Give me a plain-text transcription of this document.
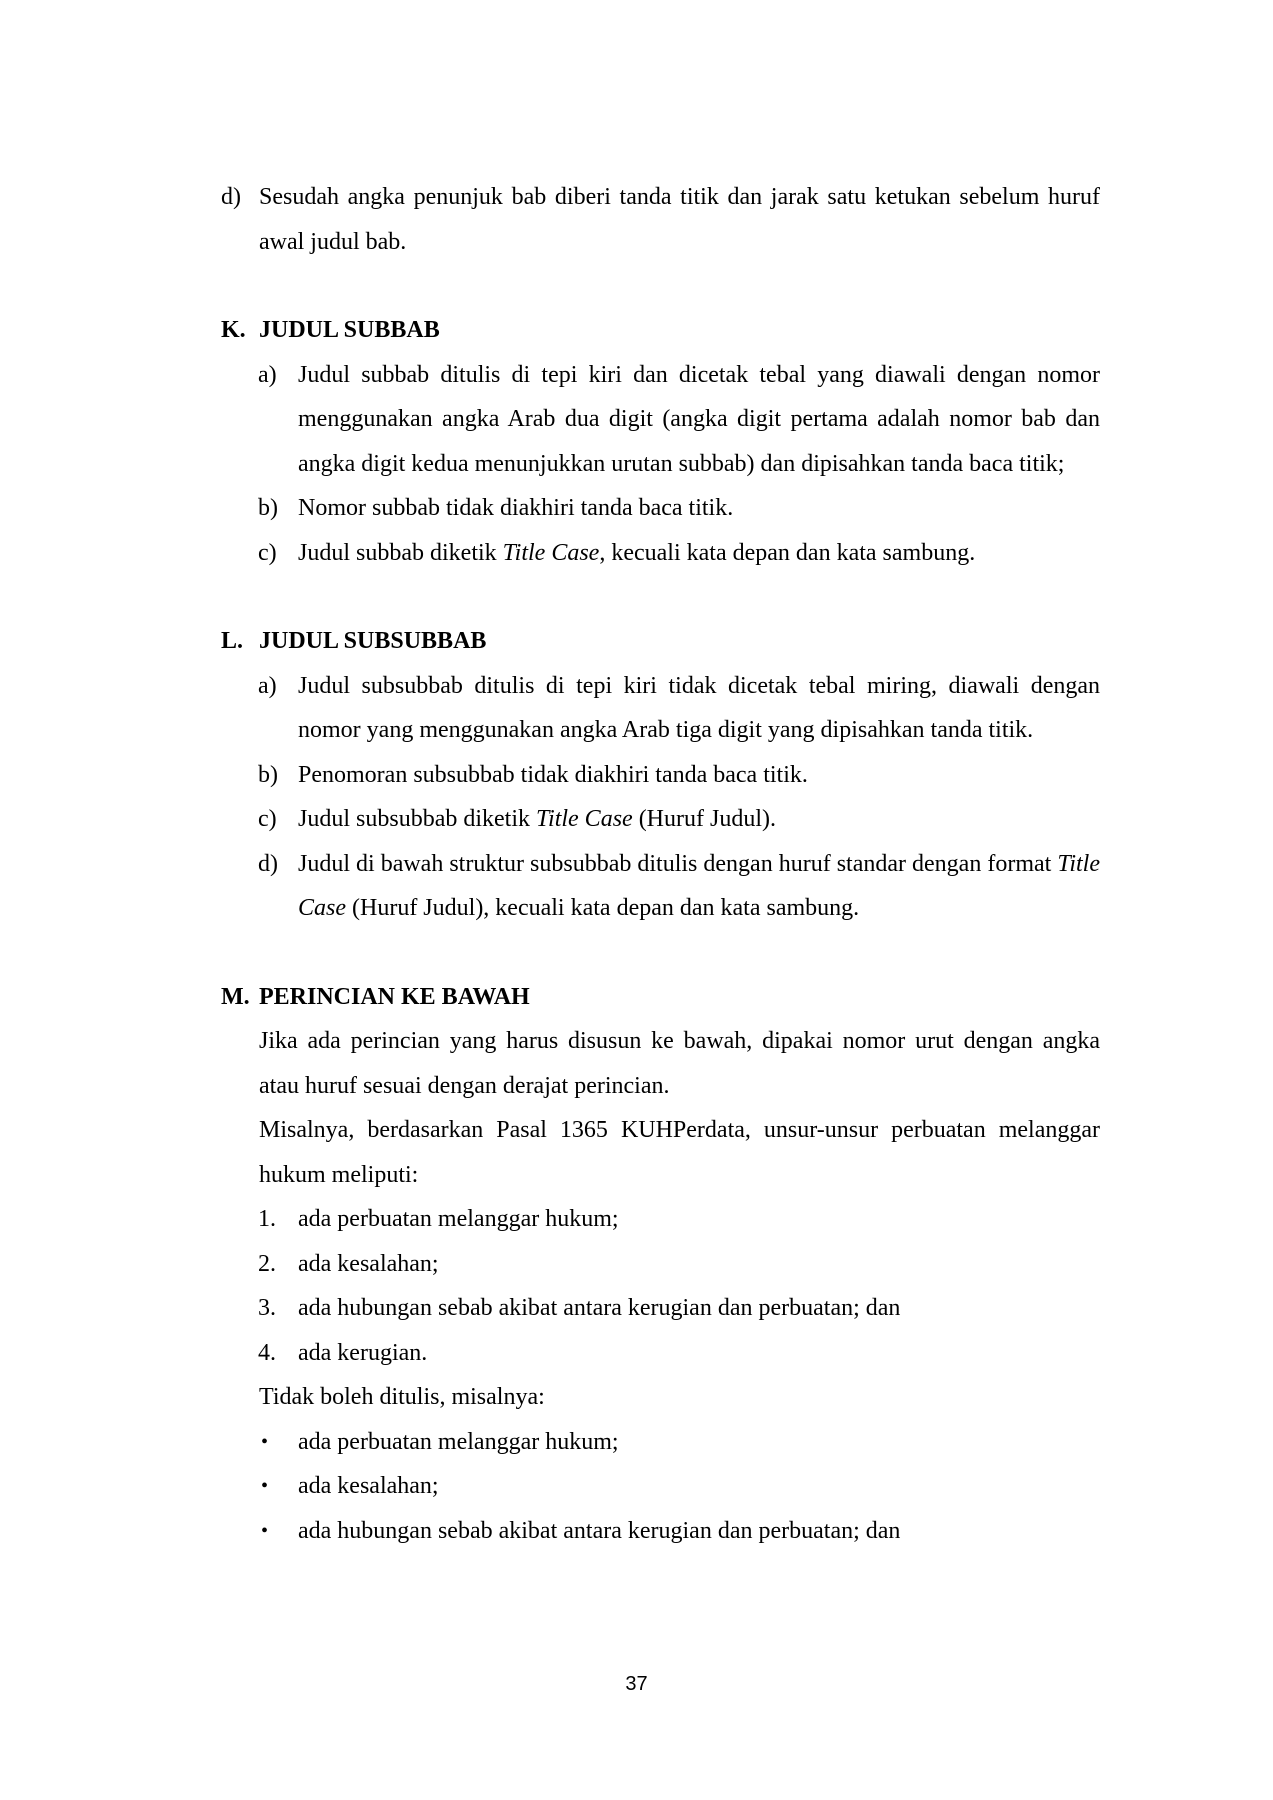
d) Sesudah angka penunjuk bab diberi tanda titik dan jarak satu ketukan sebelum huruf awal judul bab.
K. JUDUL SUBBAB
a) Judul subbab ditulis di tepi kiri dan dicetak tebal yang diawali dengan nomor menggunakan angka Arab dua digit (angka digit pertama adalah nomor bab dan angka digit kedua menunjukkan urutan subbab) dan dipisahkan tanda baca titik;
b) Nomor subbab tidak diakhiri tanda baca titik.
c) Judul subbab diketik Title Case, kecuali kata depan dan kata sambung.
L. JUDUL SUBSUBBAB
a) Judul subsubbab ditulis di tepi kiri tidak dicetak tebal miring, diawali dengan nomor yang menggunakan angka Arab tiga digit yang dipisahkan tanda titik.
b) Penomoran subsubbab tidak diakhiri tanda baca titik.
c) Judul subsubbab diketik Title Case (Huruf Judul).
d) Judul di bawah struktur subsubbab ditulis dengan huruf standar dengan format Title Case (Huruf Judul), kecuali kata depan dan kata sambung.
M. PERINCIAN KE BAWAH
Jika ada perincian yang harus disusun ke bawah, dipakai nomor urut dengan angka atau huruf sesuai dengan derajat perincian.
Misalnya, berdasarkan Pasal 1365 KUHPerdata, unsur-unsur perbuatan melanggar hukum meliputi:
1. ada perbuatan melanggar hukum;
2. ada kesalahan;
3. ada hubungan sebab akibat antara kerugian dan perbuatan; dan
4. ada kerugian.
Tidak boleh ditulis, misalnya:
• ada perbuatan melanggar hukum;
• ada kesalahan;
• ada hubungan sebab akibat antara kerugian dan perbuatan; dan
37
